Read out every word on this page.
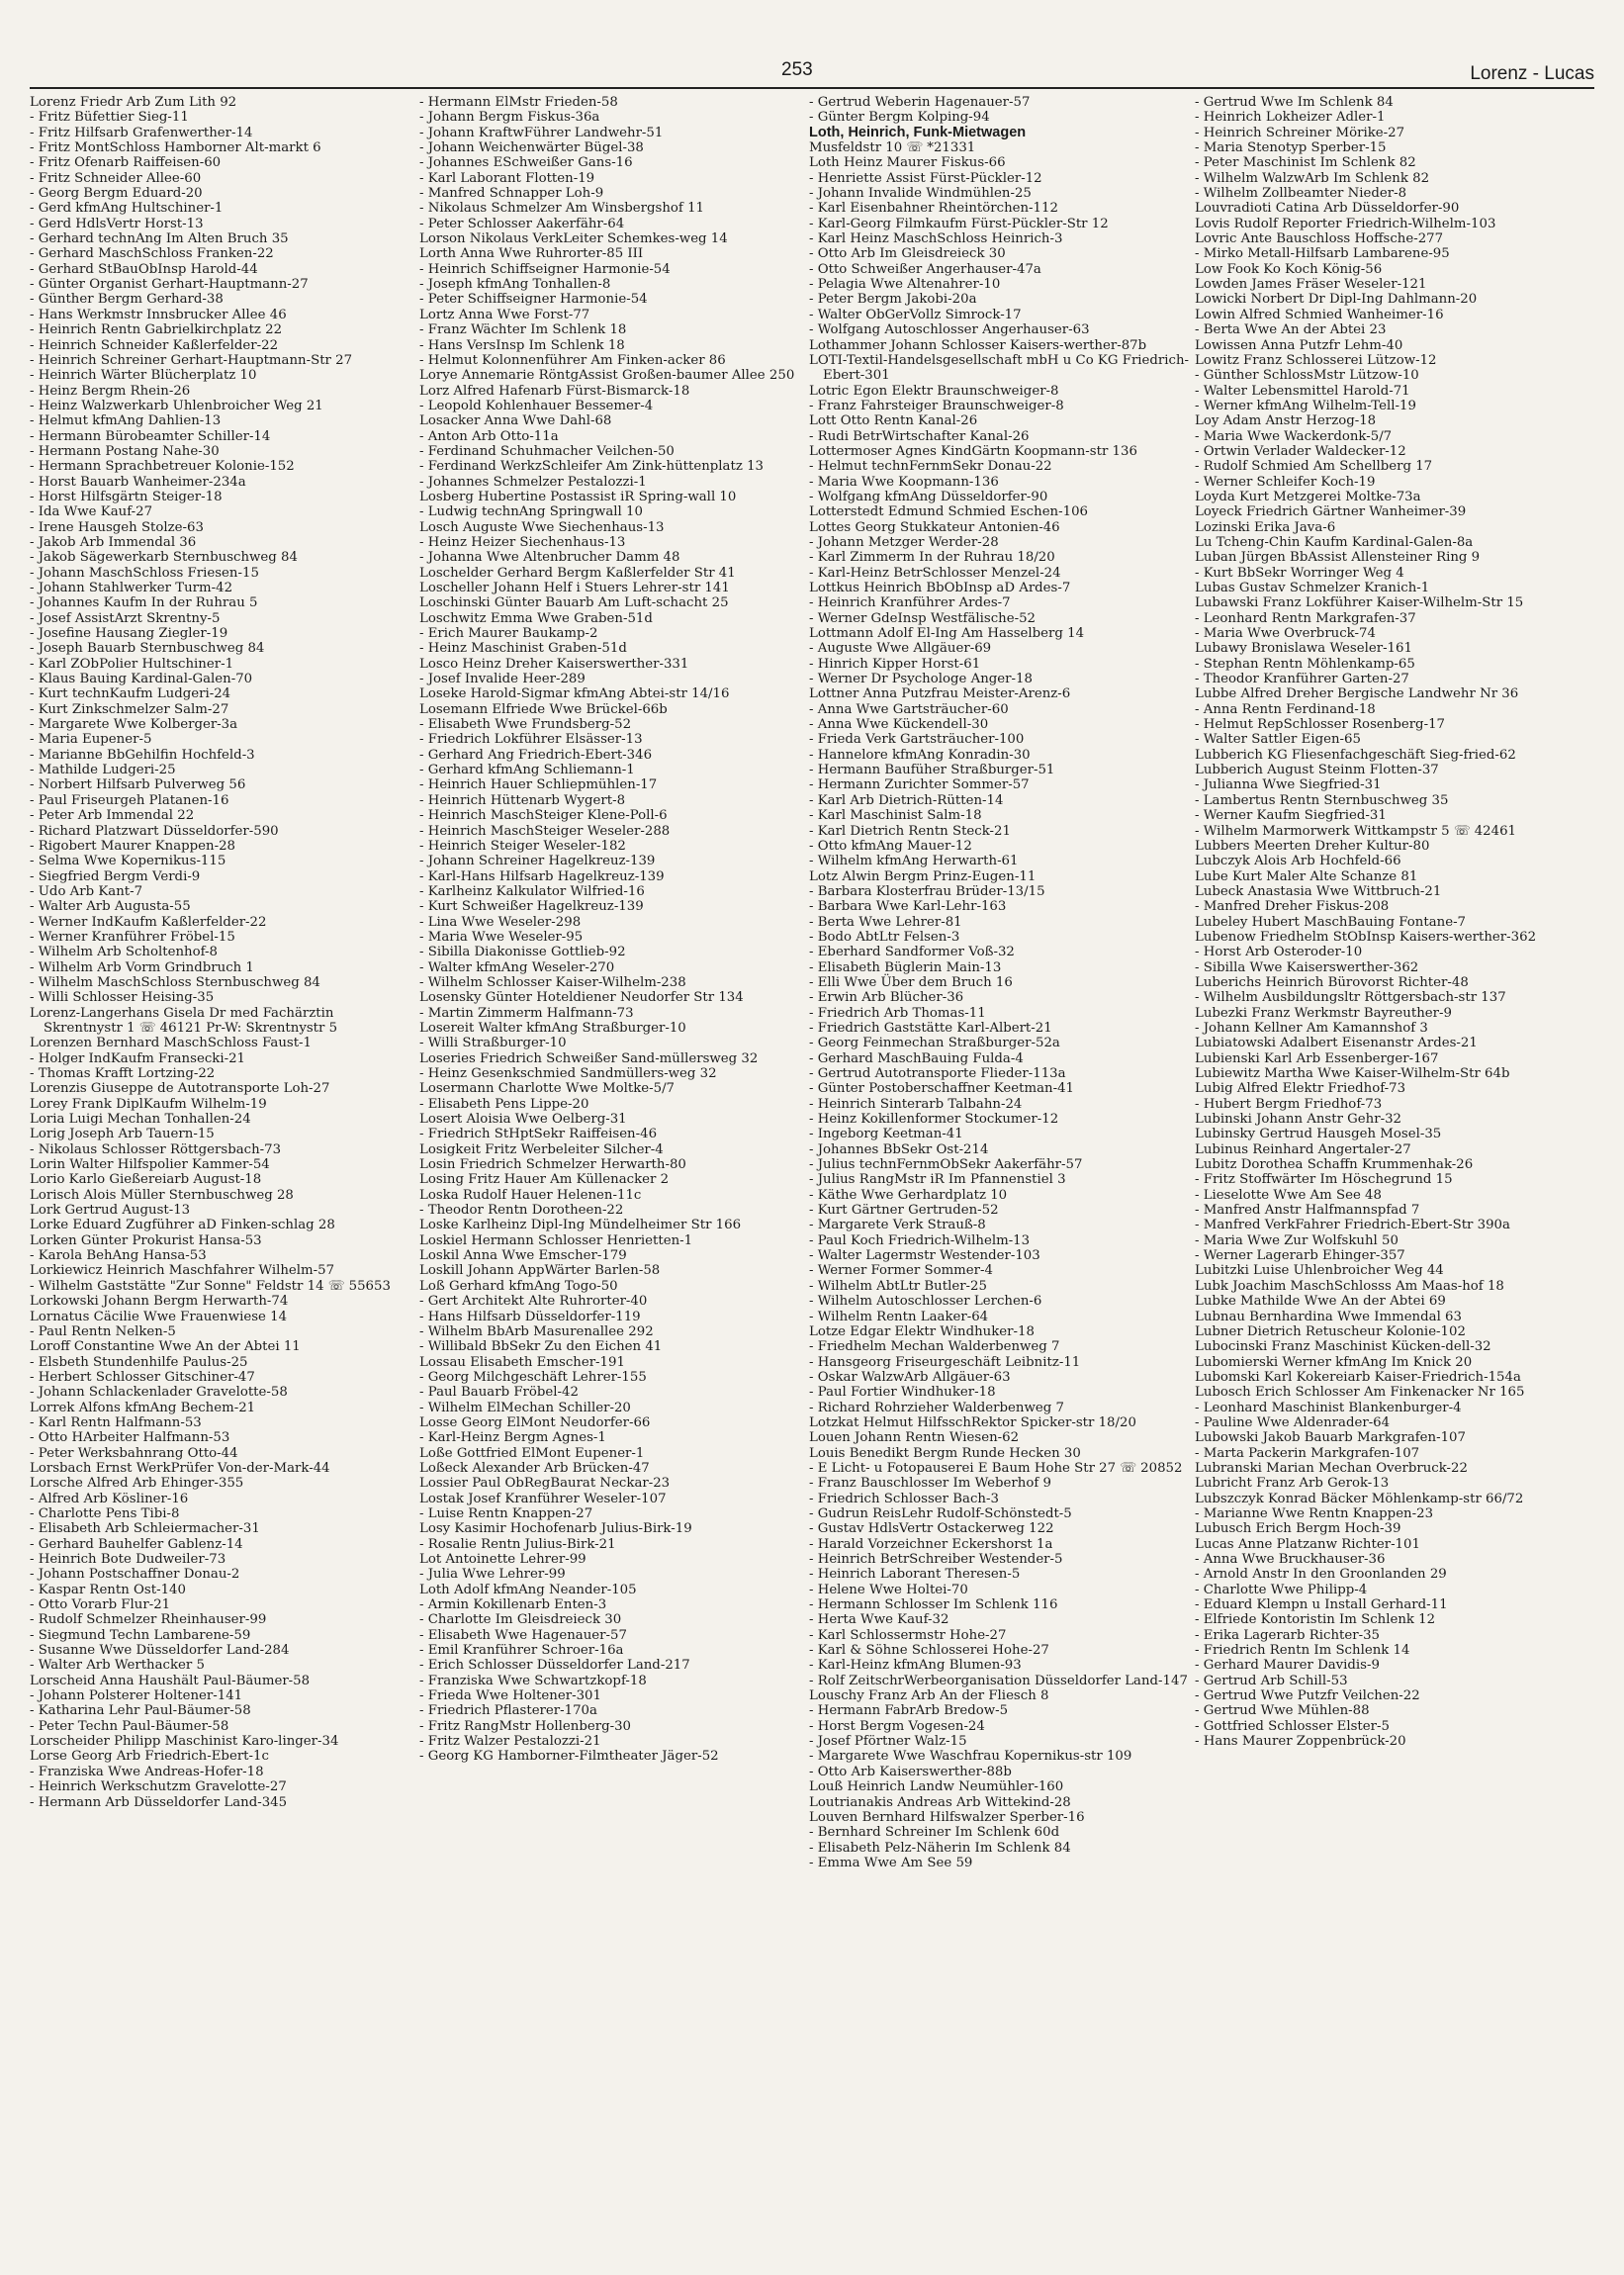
253	Lorenz - Lucas
Lorenz Friedr Arb Zum Lith 92
- Fritz Büfettier Sieg-11
- Fritz Hilfsarb Grafenwerther-14
- Fritz MontSchloss Hamborner Alt-markt 6
- Fritz Ofenarb Raiffeisen-60
- Fritz Schneider Allee-60
- Georg Bergm Eduard-20
- Gerd kfmAng Hultschiner-1
- Gerd HdlsVertr Horst-13
- Gerhard technAng Im Alten Bruch 35
- Gerhard MaschSchloss Franken-22
- Gerhard StBauObInsp Harold-44
- Günter Organist Gerhart-Hauptmann-27
- Günther Bergm Gerhard-38
- Hans Werkmstr Innsbrucker Allee 46
- Heinrich Rentn Gabrielkirchplatz 22
- Heinrich Schneider Kaßlerfelder-22
- Heinrich Schreiner Gerhart-Hauptmann-Str 27
- Heinrich Wärter Blücherplatz 10
- Heinz Bergm Rhein-26
- Heinz Walzwerkarb Uhlenbroicher Weg 21
- Helmut kfmAng Dahlien-13
- Hermann Bürobeamter Schiller-14
- Hermann Postang Nahe-30
- Hermann Sprachbetreuer Kolonie-152
- Horst Bauarb Wanheimer-234a
- Horst Hilfsgärtn Steiger-18
- Ida Wwe Kauf-27
- Irene Hausgeh Stolze-63
- Jakob Arb Immendal 36
- Jakob Sägewerkarb Sternbuschweg 84
- Johann MaschSchloss Friesen-15
- Johann Stahlwerker Turm-42
- Johannes Kaufm In der Ruhrau 5
- Josef AssistArzt Skrentny-5
- Josefine Hausang Ziegler-19
- Joseph Bauarb Sternbuschweg 84
- Karl ZObPolier Hultschiner-1
- Klaus Bauing Kardinal-Galen-70
- Kurt technKaufm Ludgeri-24
- Kurt Zinkschmelzer Salm-27
- Margarete Wwe Kolberger-3a
- Maria Eupener-5
- Marianne BbGehilfin Hochfeld-3
- Mathilde Ludgeri-25
- Norbert Hilfsarb Pulverweg 56
- Paul Friseurgeh Platanen-16
- Peter Arb Immendal 22
- Richard Platzwart Düsseldorfer-590
- Rigobert Maurer Knappen-28
- Selma Wwe Kopernikus-115
- Siegfried Bergm Verdi-9
- Udo Arb Kant-7
- Walter Arb Augusta-55
- Werner IndKaufm Kaßlerfelder-22
- Werner Kranführer Fröbel-15
- Wilhelm Arb Scholtenhof-8
- Wilhelm Arb Vorm Grindbruch 1
- Wilhelm MaschSchloss Sternbuschweg 84
- Willi Schlosser Heising-35
Lorenz-Langerhans Gisela Dr med Fachärztin Skrentnystr 1 ☏ 46121 Pr-W: Skrentnystr 5
Lorenzen Bernhard MaschSchloss Faust-1
- Holger IndKaufm Fransecki-21
- Thomas Krafft Lortzing-22
Lorenzis Giuseppe de Autotransporte Loh-27
Lorey Frank DiplKaufm Wilhelm-19
Loria Luigi Mechan Tonhallen-24
Lorig Joseph Arb Tauern-15
- Nikolaus Schlosser Röttgersbach-73
Lorin Walter Hilfspolier Kammer-54
Lorio Karlo Gießereiarb August-18
Lorisch Alois Müller Sternbuschweg 28
Lork Gertrud August-13
Lorke Eduard Zugführer aD Finken-schlag 28
Lorken Günter Prokurist Hansa-53
- Karola BehAng Hansa-53
Lorkiewicz Heinrich Maschfahrer Wilhelm-57
- Wilhelm Gaststätte "Zur Sonne" Feldstr 14 ☏ 55653
Lorkowski Johann Bergm Herwarth-74
Lornatus Cäcilie Wwe Frauenwiese 14
- Paul Rentn Nelken-5
Loroff Constantine Wwe An der Abtei 11
- Elsbeth Stundenhilfe Paulus-25
- Herbert Schlosser Gitschiner-47
- Johann Schlackenlader Gravelotte-58
Lorrek Alfons kfmAng Bechem-21
- Karl Rentn Halfmann-53
- Otto HArbeiter Halfmann-53
- Peter Werksbahnrang Otto-44
Lorsbach Ernst WerkPrüfer Von-der-Mark-44
Lorsche Alfred Arb Ehinger-355
- Alfred Arb Kösliner-16
- Charlotte Pens Tibi-8
- Elisabeth Arb Schleiermacher-31
- Gerhard Bauhelfer Gablenz-14
- Heinrich Bote Dudweiler-73
- Johann Postschaffner Donau-2
- Kaspar Rentn Ost-140
- Otto Vorarb Flur-21
- Rudolf Schmelzer Rheinhauser-99
- Siegmund Techn Lambarene-59
- Susanne Wwe Düsseldorfer Land-284
- Walter Arb Werthacker 5
Lorscheid Anna Haushält Paul-Bäumer-58
- Johann Polsterer Holtener-141
- Katharina Lehr Paul-Bäumer-58
- Peter Techn Paul-Bäumer-58
Lorscheider Philipp Maschinist Karo-linger-34
Lorse Georg Arb Friedrich-Ebert-1c
- Franziska Wwe Andreas-Hofer-18
- Heinrich Werkschutzm Gravelotte-27
- Hermann Arb Düsseldorfer Land-345
- Hermann ElMstr Frieden-58
- Johann Bergm Fiskus-36a
- Johann KraftwFührer Landwehr-51
- Johann Weichenwärter Bügel-38
- Johannes ESchweißer Gans-16
- Karl Laborant Flotten-19
- Manfred Schnapper Loh-9
- Nikolaus Schmelzer Am Winsbergshof 11
- Peter Schlosser Aakerfähr-64
Lorson Nikolaus VerkLeiter Schemkes-weg 14
Lorth Anna Wwe Ruhrorter-85 III
- Heinrich Schiffseigner Harmonie-54
- Joseph kfmAng Tonhallen-8
- Peter Schiffseigner Harmonie-54
Lortz Anna Wwe Forst-77
- Franz Wächter Im Schlenk 18
- Hans VersInsp Im Schlenk 18
- Helmut Kolonnenführer Am Finken-acker 86
Lorye Annemarie RöntgAssist Großen-baumer Allee 250
Lorz Alfred Hafenarb Fürst-Bismarck-18
- Leopold Kohlenhauer Bessemer-4
Losacker Anna Wwe Dahl-68
- Anton Arb Otto-11a
- Ferdinand Schuhmacher Veilchen-50
- Ferdinand WerkzSchleifer Am Zink-hüttenplatz 13
- Johannes Schmelzer Pestalozzi-1
Losberg Hubertine Postassist iR Spring-wall 10
- Ludwig technAng Springwall 10
Losch Auguste Wwe Siechenhaus-13
- Heinz Heizer Siechenhaus-13
- Johanna Wwe Altenbrucher Damm 48
Loschelder Gerhard Bergm Kaßlerfelder Str 41
Loscheller Johann Helf i Stuers Lehrer-str 141
Loschinski Günter Bauarb Am Luft-schacht 25
Loschwitz Emma Wwe Graben-51d
- Erich Maurer Baukamp-2
- Heinz Maschinist Graben-51d
Losco Heinz Dreher Kaiserswerther-331
- Josef Invalide Heer-289
Loseke Harold-Sigmar kfmAng Abtei-str 14/16
Losemann Elfriede Wwe Brückel-66b
- Elisabeth Wwe Frundsberg-52
- Friedrich Lokführer Elsässer-13
- Gerhard Ang Friedrich-Ebert-346
- Gerhard kfmAng Schliemann-1
- Heinrich Hauer Schliepmühlen-17
- Heinrich Hüttenarb Wygert-8
- Heinrich MaschSteiger Klene-Poll-6
- Heinrich MaschSteiger Weseler-288
- Heinrich Steiger Weseler-182
- Johann Schreiner Hagelkreuz-139
- Karl-Hans Hilfsarb Hagelkreuz-139
- Karlheinz Kalkulator Wilfried-16
- Kurt Schweißer Hagelkreuz-139
- Lina Wwe Weseler-298
- Maria Wwe Weseler-95
- Sibilla Diakonisse Gottlieb-92
- Walter kfmAng Weseler-270
- Wilhelm Schlosser Kaiser-Wilhelm-238
Losensky Günter Hoteldiener Neudorfer Str 134
- Martin Zimmerm Halfmann-73
Losereit Walter kfmAng Straßburger-10
- Willi Straßburger-10
Loseries Friedrich Schweißer Sand-müllersweg 32
- Heinz Gesenkschmied Sandmüllers-weg 32
Losermann Charlotte Wwe Moltke-5/7
- Elisabeth Pens Lippe-20
Losert Aloisia Wwe Oelberg-31
- Friedrich StHptSekr Raiffeisen-46
Losigkeit Fritz Werbeleiter Silcher-4
Losin Friedrich Schmelzer Herwarth-80
Losing Fritz Hauer Am Küllenacker 2
Loska Rudolf Hauer Helenen-11c
- Theodor Rentn Dorotheen-22
Loske Karlheinz Dipl-Ing Mündelheimer Str 166
Loskiel Hermann Schlosser Henrietten-1
Loskil Anna Wwe Emscher-179
Loskill Johann AppWärter Barlen-58
Loß Gerhard kfmAng Togo-50
- Gert Architekt Alte Ruhrorter-40
- Hans Hilfsarb Düsseldorfer-119
- Wilhelm BbArb Masurenallee 292
- Willibald BbSekr Zu den Eichen 41
Lossau Elisabeth Emscher-191
- Georg Milchgeschäft Lehrer-155
- Paul Bauarb Fröbel-42
- Wilhelm ElMechan Schiller-20
Losse Georg ElMont Neudorfer-66
- Karl-Heinz Bergm Agnes-1
Loße Gottfried ElMont Eupener-1
Loßeck Alexander Arb Brücken-47
Lossier Paul ObRegBaurat Neckar-23
Lostak Josef Kranführer Weseler-107
- Luise Rentn Knappen-27
Losy Kasimir Hochofenarb Julius-Birk-19
- Rosalie Rentn Julius-Birk-21
Lot Antoinette Lehrer-99
- Julia Wwe Lehrer-99
Loth Adolf kfmAng Neander-105
- Armin Kokillenarb Enten-3
- Charlotte Im Gleisdreieck 30
- Elisabeth Wwe Hagenauer-57
- Emil Kranführer Schroer-16a
- Erich Schlosser Düsseldorfer Land-217
- Franziska Wwe Schwartzkopf-18
- Frieda Wwe Holtener-301
- Friedrich Pflasterer-170a
- Fritz RangMstr Hollenberg-30
- Fritz Walzer Pestalozzi-21
- Georg KG Hamborner-Filmtheater Jäger-52
- Gertrud Weberin Hagenauer-57
- Günter Bergm Kolping-94
Loth, Heinrich, Funk-Mietwagen
Musfeldstr 10 ☏ *21331
Loth Heinz Maurer Fiskus-66
- Henriette Assist Fürst-Pückler-12
- Johann Invalide Windmühlen-25
- Karl Eisenbahner Rheintörchen-112
- Karl-Georg Filmkaufm Fürst-Pückler-Str 12
- Karl Heinz MaschSchloss Heinrich-3
- Otto Arb Im Gleisdreieck 30
- Otto Schweißer Angerhauser-47a
- Pelagia Wwe Altenahrer-10
- Peter Bergm Jakobi-20a
- Walter ObGerVollz Simrock-17
- Wolfgang Autoschlosser Angerhauser-63
Lothammer Johann Schlosser Kaisers-werther-87b
LOTI-Textil-Handelsgesellschaft mbH u Co KG Friedrich-Ebert-301
Lotric Egon Elektr Braunschweiger-8
- Franz Fahrsteiger Braunschweiger-8
Lott Otto Rentn Kanal-26
- Rudi BetrWirtschafter Kanal-26
Lottermoser Agnes KindGärtn Koopmann-str 136
- Helmut technFernmSekr Donau-22
- Maria Wwe Koopmann-136
- Wolfgang kfmAng Düsseldorfer-90
Lotterstedt Edmund Schmied Eschen-106
Lottes Georg Stukkateur Antonien-46
- Johann Metzger Werder-28
- Karl Zimmerm In der Ruhrau 18/20
- Karl-Heinz BetrSchlosser Menzel-24
Lottkus Heinrich BbObInsp aD Ardes-7
- Heinrich Kranführer Ardes-7
- Werner GdeInsp Westfälische-52
Lottmann Adolf El-Ing Am Hasselberg 14
- Auguste Wwe Allgäuer-69
- Hinrich Kipper Horst-61
- Werner Dr Psychologe Anger-18
Lottner Anna Putzfrau Meister-Arenz-6
- Anna Wwe Gartsträucher-60
- Anna Wwe Kückendell-30
- Frieda Verk Gartsträucher-100
- Hannelore kfmAng Konradin-30
- Hermann Baufüher Straßburger-51
- Hermann Zurichter Sommer-57
- Karl Arb Dietrich-Rütten-14
- Karl Maschinist Salm-18
- Karl Dietrich Rentn Steck-21
- Otto kfmAng Mauer-12
- Wilhelm kfmAng Herwarth-61
Lotz Alwin Bergm Prinz-Eugen-11
- Barbara Klosterfrau Brüder-13/15
- Barbara Wwe Karl-Lehr-163
- Berta Wwe Lehrer-81
- Bodo AbtLtr Felsen-3
- Eberhard Sandformer Voß-32
- Elisabeth Büglerin Main-13
- Elli Wwe Über dem Bruch 16
- Erwin Arb Blücher-36
- Friedrich Arb Thomas-11
- Friedrich Gaststätte Karl-Albert-21
- Georg Feinmechan Straßburger-52a
- Gerhard MaschBauing Fulda-4
- Gertrud Autotransporte Flieder-113a
- Günter Postoberschaffner Keetman-41
- Heinrich Sinterarb Talbahn-24
- Heinz Kokillenformer Stockumer-12
- Ingeborg Keetman-41
- Johannes BbSekr Ost-214
- Julius technFernmObSekr Aakerfähr-57
- Julius RangMstr iR Im Pfannenstiel 3
- Käthe Wwe Gerhardplatz 10
- Kurt Gärtner Gertruden-52
- Margarete Verk Strauß-8
- Paul Koch Friedrich-Wilhelm-13
- Walter Lagermstr Westender-103
- Werner Former Sommer-4
- Wilhelm AbtLtr Butler-25
- Wilhelm Autoschlosser Lerchen-6
- Wilhelm Rentn Laaker-64
Lotze Edgar Elektr Windhuker-18
- Friedhelm Mechan Walderbenweg 7
- Hansgeorg Friseurgeschäft Leibnitz-11
- Oskar WalzwArb Allgäuer-63
- Paul Fortier Windhuker-18
- Richard Rohrzieher Walderbenweg 7
Lotzkat Helmut HilfsschRektor Spicker-str 18/20
Louen Johann Rentn Wiesen-62
Louis Benedikt Bergm Runde Hecken 30
- E Licht- u Fotopauserei E Baum Hohe Str 27 ☏ 20852
- Franz Bauschlosser Im Weberhof 9
- Friedrich Schlosser Bach-3
- Gudrun ReisLehr Rudolf-Schönstedt-5
- Gustav HdlsVertr Ostackerweg 122
- Harald Vorzeichner Eckershorst 1a
- Heinrich BetrSchreiber Westender-5
- Heinrich Laborant Theresen-5
- Helene Wwe Holtei-70
- Hermann Schlosser Im Schlenk 116
- Herta Wwe Kauf-32
- Karl Schlossermstr Hohe-27
- Karl & Söhne Schlosserei Hohe-27
- Karl-Heinz kfmAng Blumen-93
- Rolf ZeitschrWerbeorganisation Düsseldorfer Land-147
Louschy Franz Arb An der Fliesch 8
- Hermann FabrArb Bredow-5
- Horst Bergm Vogesen-24
- Josef Pförtner Walz-15
- Margarete Wwe Waschfrau Kopernikus-str 109
- Otto Arb Kaiserswerther-88b
Louß Heinrich Landw Neumühler-160
Loutrianakis Andreas Arb Wittekind-28
Louven Bernhard Hilfswalzer Sperber-16
- Bernhard Schreiner Im Schlenk 60d
- Elisabeth Pelz-Näherin Im Schlenk 84
- Emma Wwe Am See 59
- Gertrud Wwe Im Schlenk 84
- Heinrich Lokheizer Adler-1
- Heinrich Schreiner Mörike-27
- Maria Stenotyp Sperber-15
- Peter Maschinist Im Schlenk 82
- Wilhelm WalzwArb Im Schlenk 82
- Wilhelm Zollbeamter Nieder-8
Louvradioti Catina Arb Düsseldorfer-90
Lovis Rudolf Reporter Friedrich-Wilhelm-103
Lovric Ante Bauschloss Hoffsche-277
- Mirko Metall-Hilfsarb Lambarene-95
Low Fook Ko Koch König-56
Lowden James Fräser Weseler-121
Lowicki Norbert Dr Dipl-Ing Dahlmann-20
Lowin Alfred Schmied Wanheimer-16
- Berta Wwe An der Abtei 23
Lowissen Anna Putzfr Lehm-40
Lowitz Franz Schlosserei Lützow-12
- Günther SchlossMstr Lützow-10
- Walter Lebensmittel Harold-71
- Werner kfmAng Wilhelm-Tell-19
Loy Adam Anstr Herzog-18
- Maria Wwe Wackerdonk-5/7
- Ortwin Verlader Waldecker-12
- Rudolf Schmied Am Schellberg 17
- Werner Schleifer Koch-19
Loyda Kurt Metzgerei Moltke-73a
Loyeck Friedrich Gärtner Wanheimer-39
Lozinski Erika Java-6
Lu Tcheng-Chin Kaufm Kardinal-Galen-8a
Luban Jürgen BbAssist Allensteiner Ring 9
- Kurt BbSekr Worringer Weg 4
Lubas Gustav Schmelzer Kranich-1
Lubawski Franz Lokführer Kaiser-Wilhelm-Str 15
- Leonhard Rentn Markgrafen-37
- Maria Wwe Overbruck-74
Lubawy Bronislawa Weseler-161
- Stephan Rentn Möhlenkamp-65
- Theodor Kranführer Garten-27
Lubbe Alfred Dreher Bergische Landwehr Nr 36
- Anna Rentn Ferdinand-18
- Helmut RepSchlosser Rosenberg-17
- Walter Sattler Eigen-65
Lubberich KG Fliesenfachgeschäft Sieg-fried-62
Lubberich August Steinm Flotten-37
- Julianna Wwe Siegfried-31
- Lambertus Rentn Sternbuschweg 35
- Werner Kaufm Siegfried-31
- Wilhelm Marmorwerk Wittkampstr 5 ☏ 42461
Lubbers Meerten Dreher Kultur-80
Lubczyk Alois Arb Hochfeld-66
Lube Kurt Maler Alte Schanze 81
Lubeck Anastasia Wwe Wittbruch-21
- Manfred Dreher Fiskus-208
Lubeley Hubert MaschBauing Fontane-7
Lubenow Friedhelm StObInsp Kaisers-werther-362
- Horst Arb Osteroder-10
- Sibilla Wwe Kaiserswerther-362
Luberichs Heinrich Bürovorst Richter-48
- Wilhelm Ausbildungsltr Röttgersbach-str 137
Lubezki Franz Werkmstr Bayreuther-9
- Johann Kellner Am Kamannshof 3
Lubiatowski Adalbert Eisenanstr Ardes-21
Lubienski Karl Arb Essenberger-167
Lubiewitz Martha Wwe Kaiser-Wilhelm-Str 64b
Lubig Alfred Elektr Friedhof-73
- Hubert Bergm Friedhof-73
Lubinski Johann Anstr Gehr-32
Lubinsky Gertrud Hausgeh Mosel-35
Lubinus Reinhard Angertaler-27
Lubitz Dorothea Schaffn Krummenhak-26
- Fritz Stoffwärter Im Höschegrund 15
- Lieselotte Wwe Am See 48
- Manfred Anstr Halfmannspfad 7
- Manfred VerkFahrer Friedrich-Ebert-Str 390a
- Maria Wwe Zur Wolfskuhl 50
- Werner Lagerarb Ehinger-357
Lubitzki Luise Uhlenbroicher Weg 44
Lubk Joachim MaschSchlosss Am Maas-hof 18
Lubke Mathilde Wwe An der Abtei 69
Lubnau Bernhardina Wwe Immendal 63
Lubner Dietrich Retuscheur Kolonie-102
Lubocinski Franz Maschinist Kücken-dell-32
Lubomierski Werner kfmAng Im Knick 20
Lubomski Karl Kokereiarb Kaiser-Friedrich-154a
Lubosch Erich Schlosser Am Finkenacker Nr 165
- Leonhard Maschinist Blankenburger-4
- Pauline Wwe Aldenrader-64
Lubowski Jakob Bauarb Markgrafen-107
- Marta Packerin Markgrafen-107
Lubranski Marian Mechan Overbruck-22
Lubricht Franz Arb Gerok-13
Lubszczyk Konrad Bäcker Möhlenkamp-str 66/72
- Marianne Wwe Rentn Knappen-23
Lubusch Erich Bergm Hoch-39
Lucas Anne Platzanw Richter-101
- Anna Wwe Bruckhauser-36
- Arnold Anstr In den Groonlanden 29
- Charlotte Wwe Philipp-4
- Eduard Klempn u Install Gerhard-11
- Elfriede Kontoristin Im Schlenk 12
- Erika Lagerarb Richter-35
- Friedrich Rentn Im Schlenk 14
- Gerhard Maurer Davidis-9
- Gertrud Arb Schill-53
- Gertrud Wwe Putzfr Veilchen-22
- Gertrud Wwe Mühlen-88
- Gottfried Schlosser Elster-5
- Hans Maurer Zoppenbrück-20
